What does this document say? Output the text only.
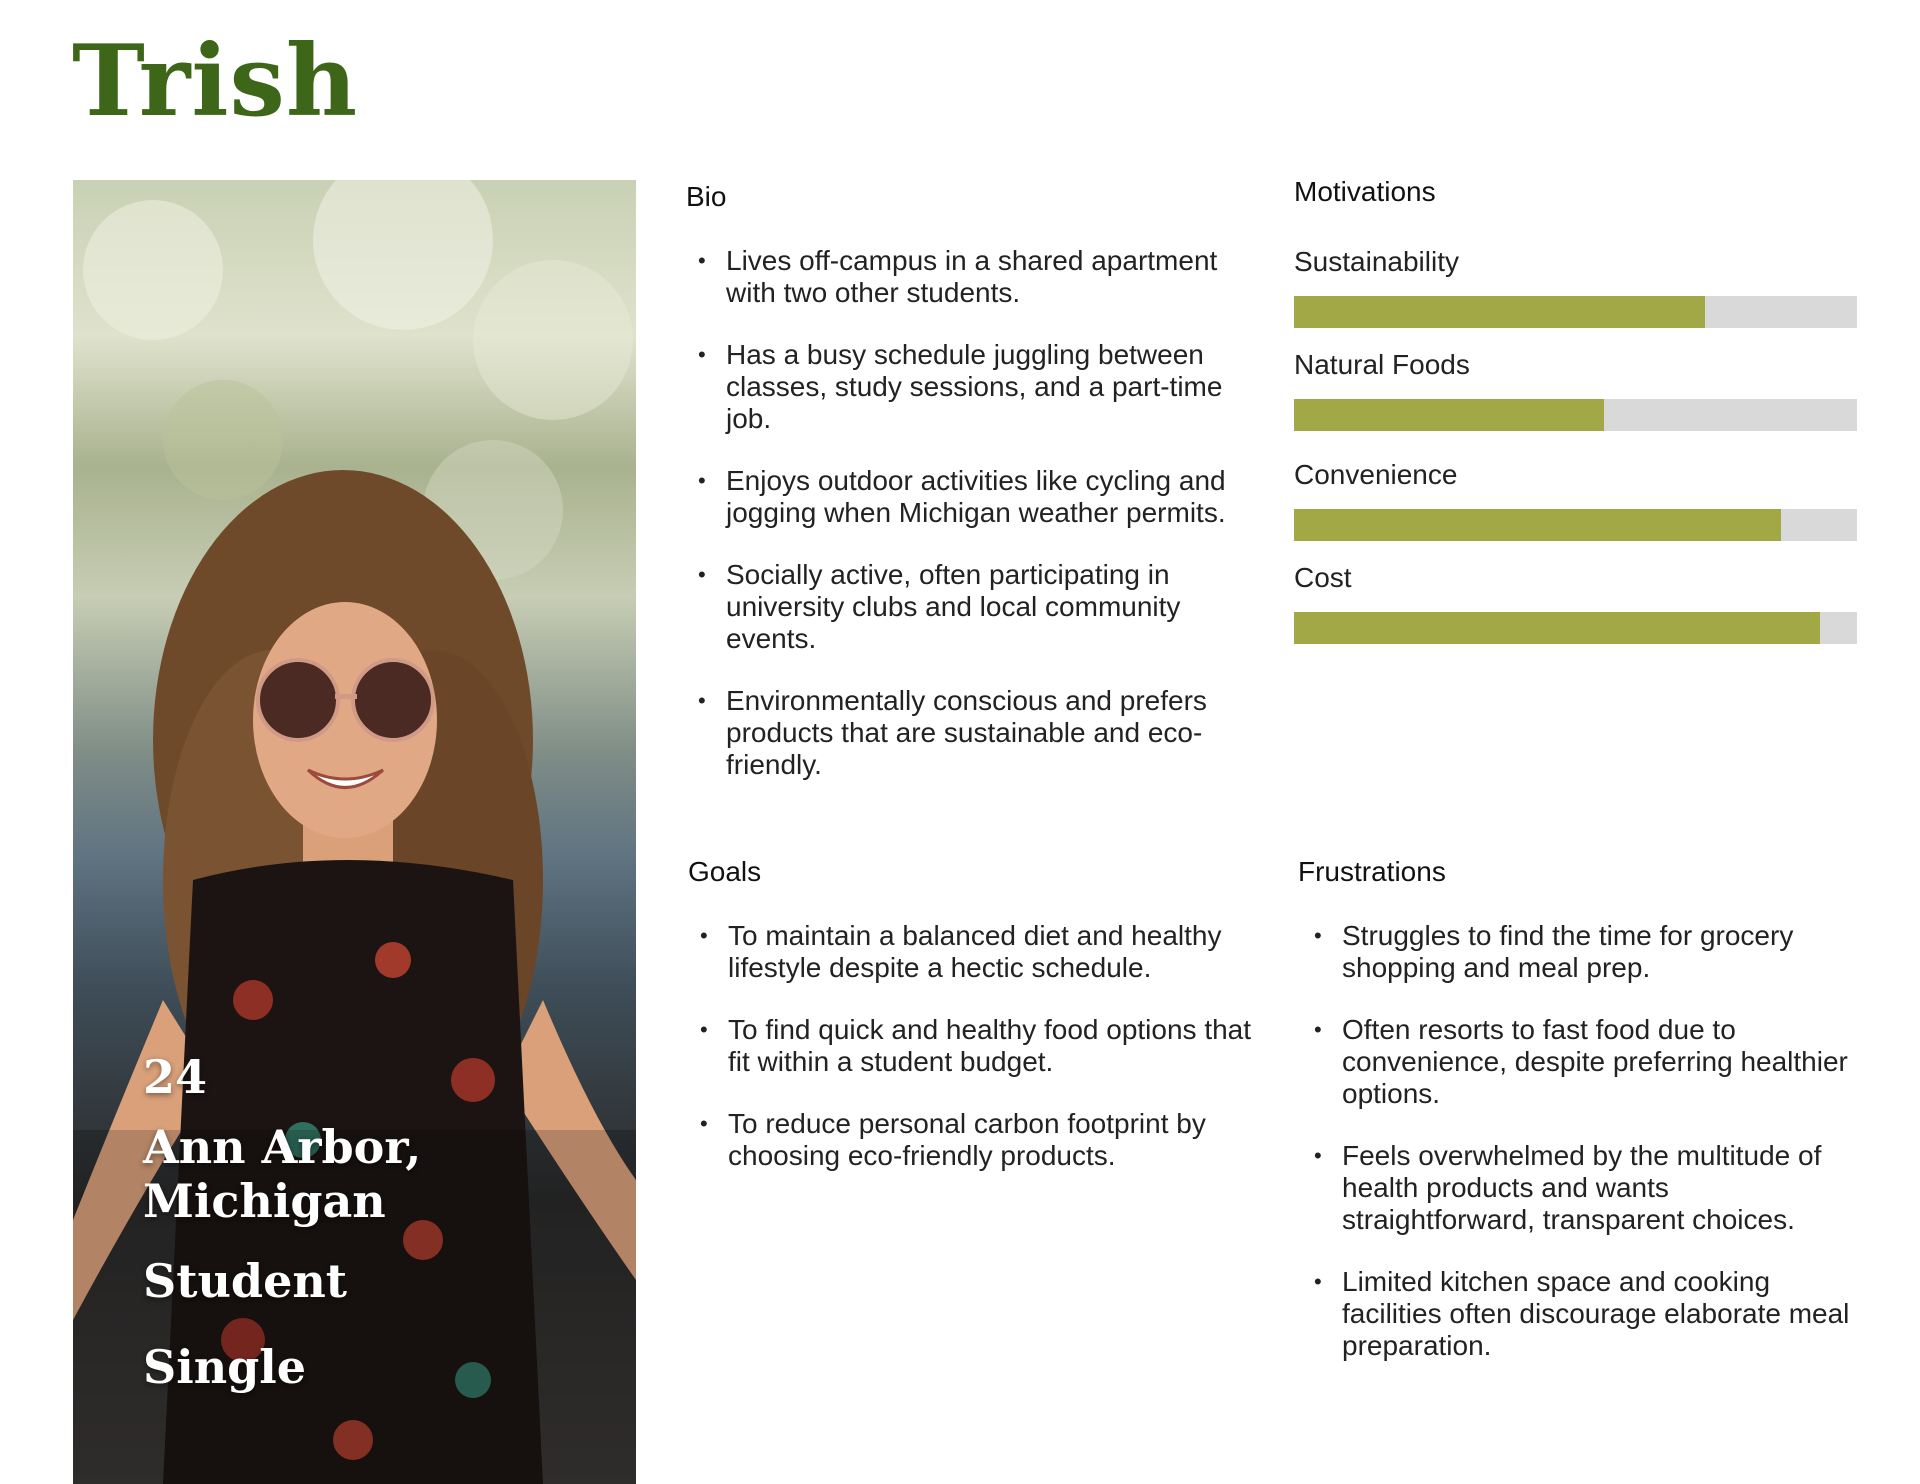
Trish
24
Ann Arbor, Michigan
Student
Single
Bio
• Lives off-campus in a shared apartment with two other students.
• Has a busy schedule juggling between classes, study sessions, and a part-time job.
• Enjoys outdoor activities like cycling and jogging when Michigan weather permits.
• Socially active, often participating in university clubs and local community events.
• Environmentally conscious and prefers products that are sustainable and eco-friendly.
Motivations
Sustainability
Natural Foods
Convenience
Cost
Goals
• To maintain a balanced diet and healthy lifestyle despite a hectic schedule.
• To find quick and healthy food options that fit within a student budget.
• To reduce personal carbon footprint by choosing eco-friendly products.
Frustrations
• Struggles to find the time for grocery shopping and meal prep.
• Often resorts to fast food due to convenience, despite preferring healthier options.
• Feels overwhelmed by the multitude of health products and wants straightforward, transparent choices.
• Limited kitchen space and cooking facilities often discourage elaborate meal preparation.
